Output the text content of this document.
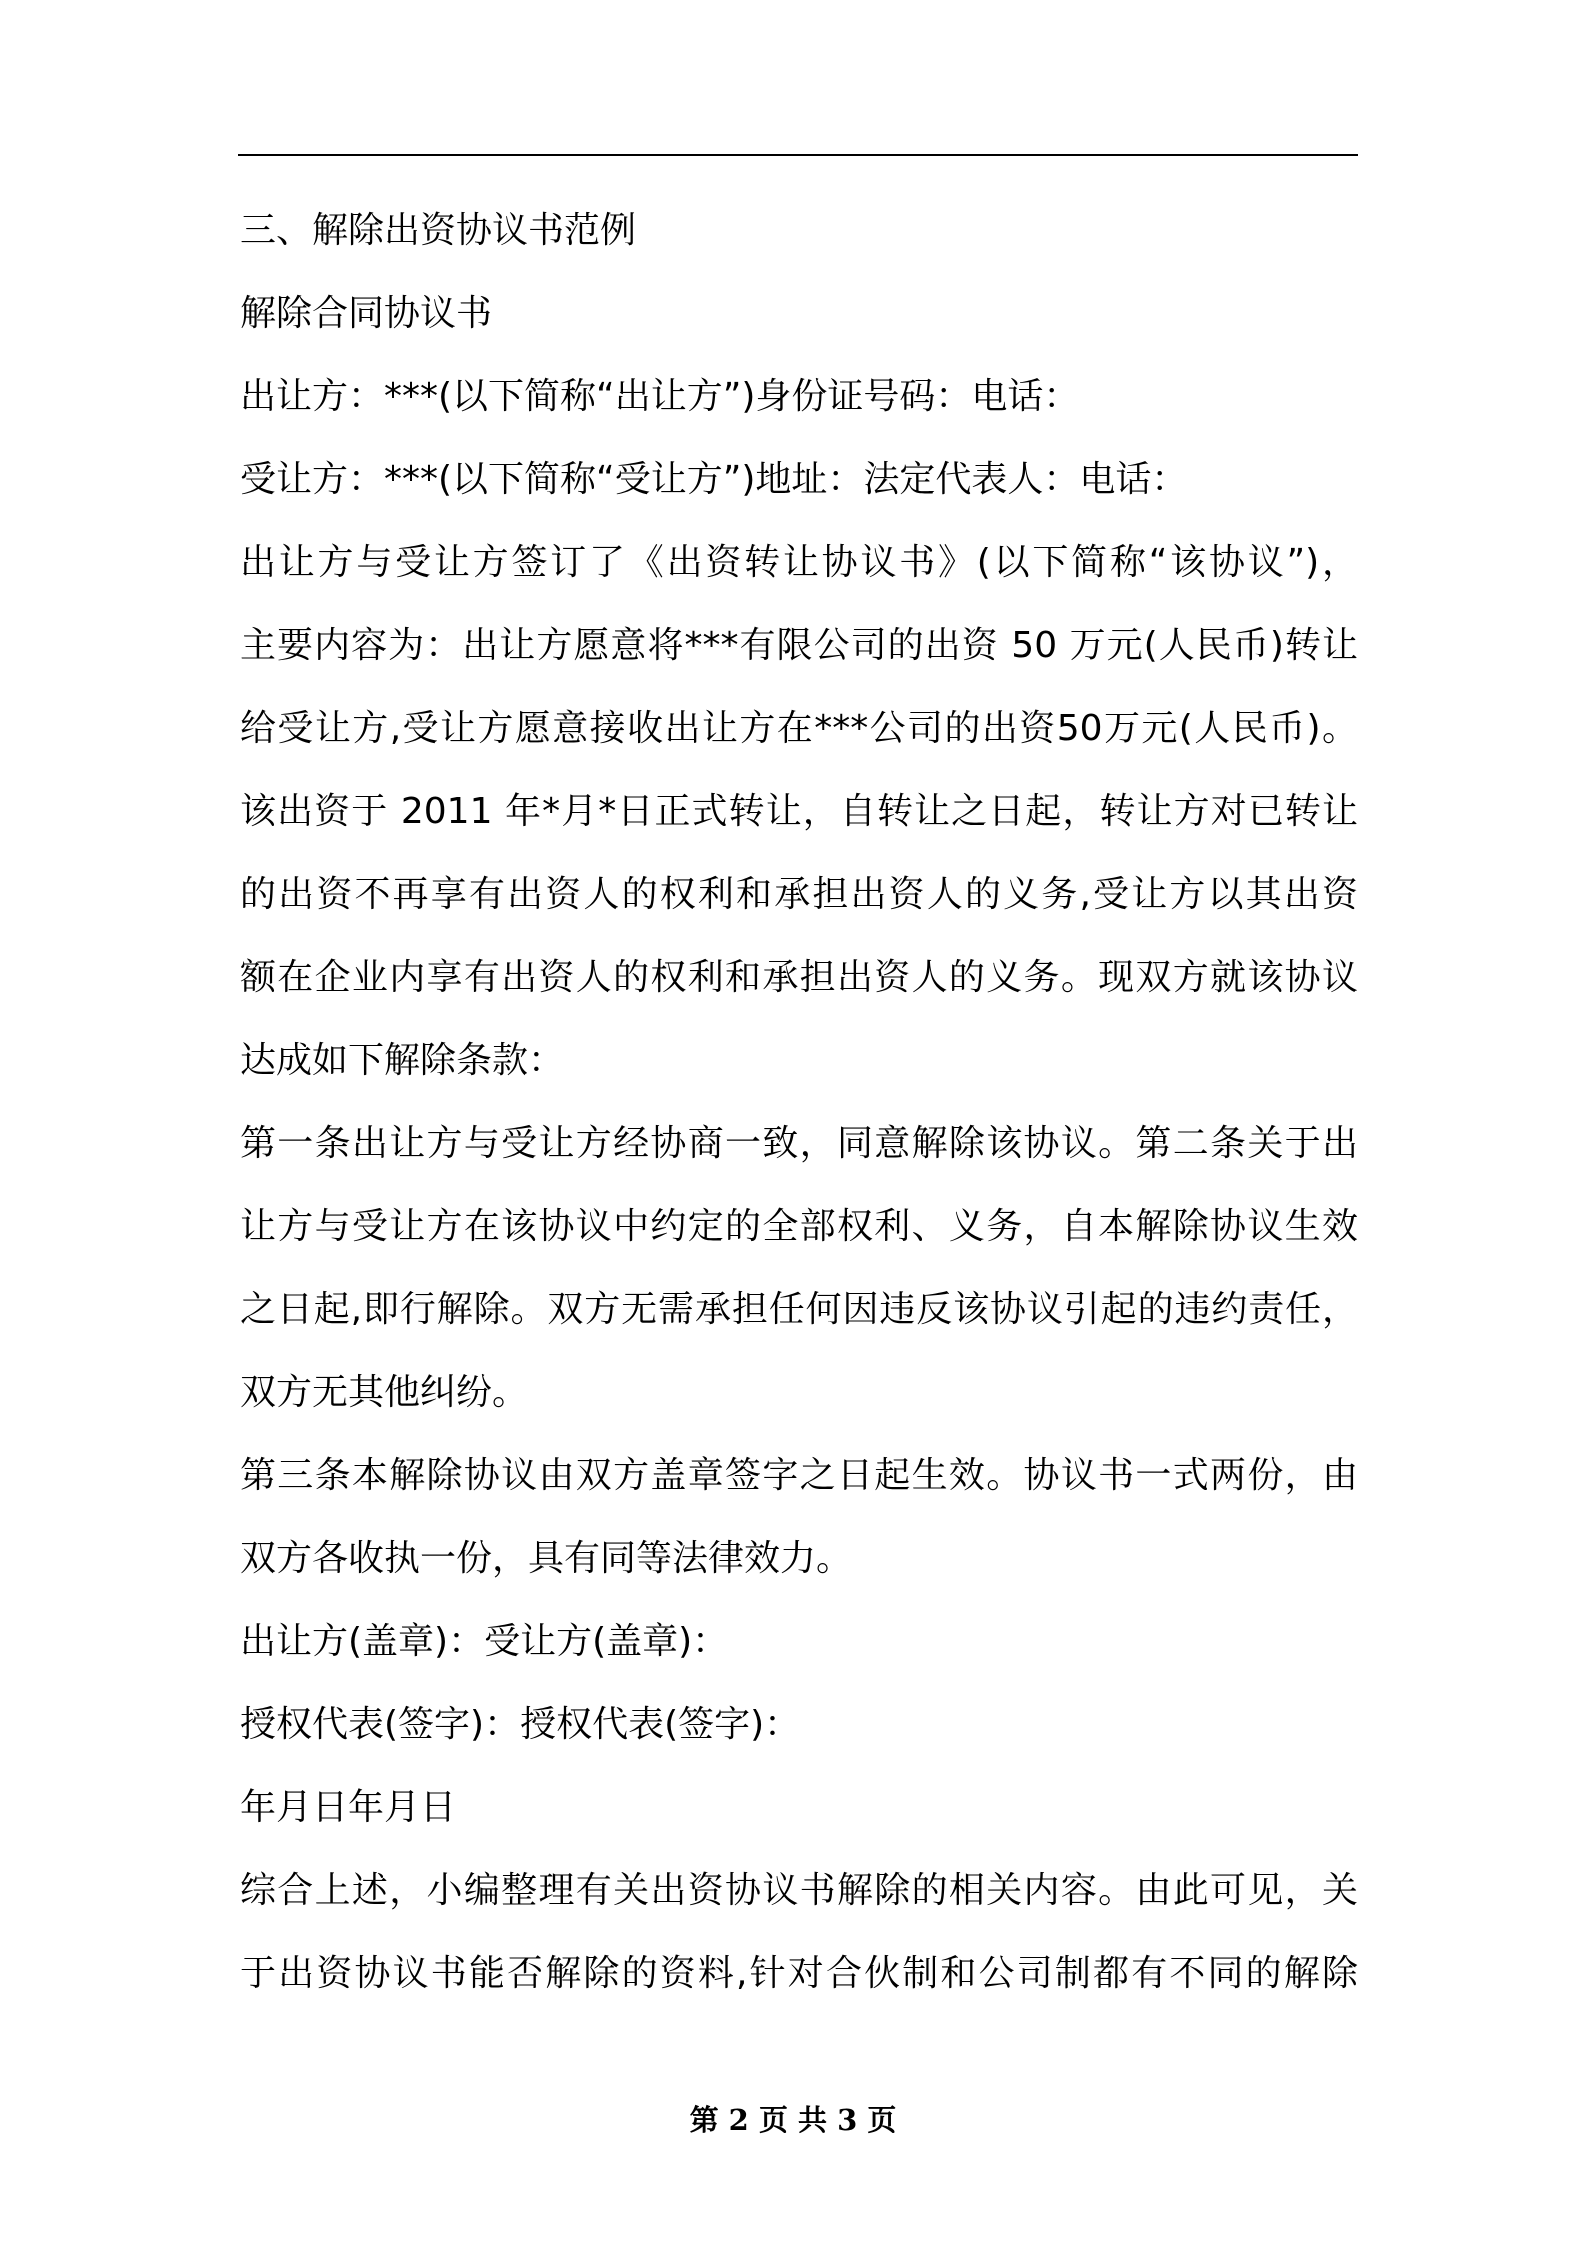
三、解除出资协议书范例
解除合同协议书
出让方：***(以下简称“出让方”)身份证号码：电话：
受让方：***(以下简称“受让方”)地址：法定代表人：电话：
出让方与受让方签订了《出资转让协议书》(以下简称“该协议”)，
主要内容为：出让方愿意将***有限公司的出资 50 万元(人民币)转让
给受让方,受让方愿意接收出让方在***公司的出资50万元(人民币)。
该出资于 2011 年*月*日正式转让，自转让之日起，转让方对已转让
的出资不再享有出资人的权利和承担出资人的义务,受让方以其出资
额在企业内享有出资人的权利和承担出资人的义务。现双方就该协议
达成如下解除条款：
第一条出让方与受让方经协商一致，同意解除该协议。第二条关于出
让方与受让方在该协议中约定的全部权利、义务，自本解除协议生效
之日起,即行解除。双方无需承担任何因违反该协议引起的违约责任，
双方无其他纠纷。
第三条本解除协议由双方盖章签字之日起生效。协议书一式两份，由
双方各收执一份，具有同等法律效力。
出让方(盖章)：受让方(盖章)：
授权代表(签字)：授权代表(签字)：
年月日年月日
综合上述，小编整理有关出资协议书解除的相关内容。由此可见，关
于出资协议书能否解除的资料,针对合伙制和公司制都有不同的解除
第 2 页 共 3 页
